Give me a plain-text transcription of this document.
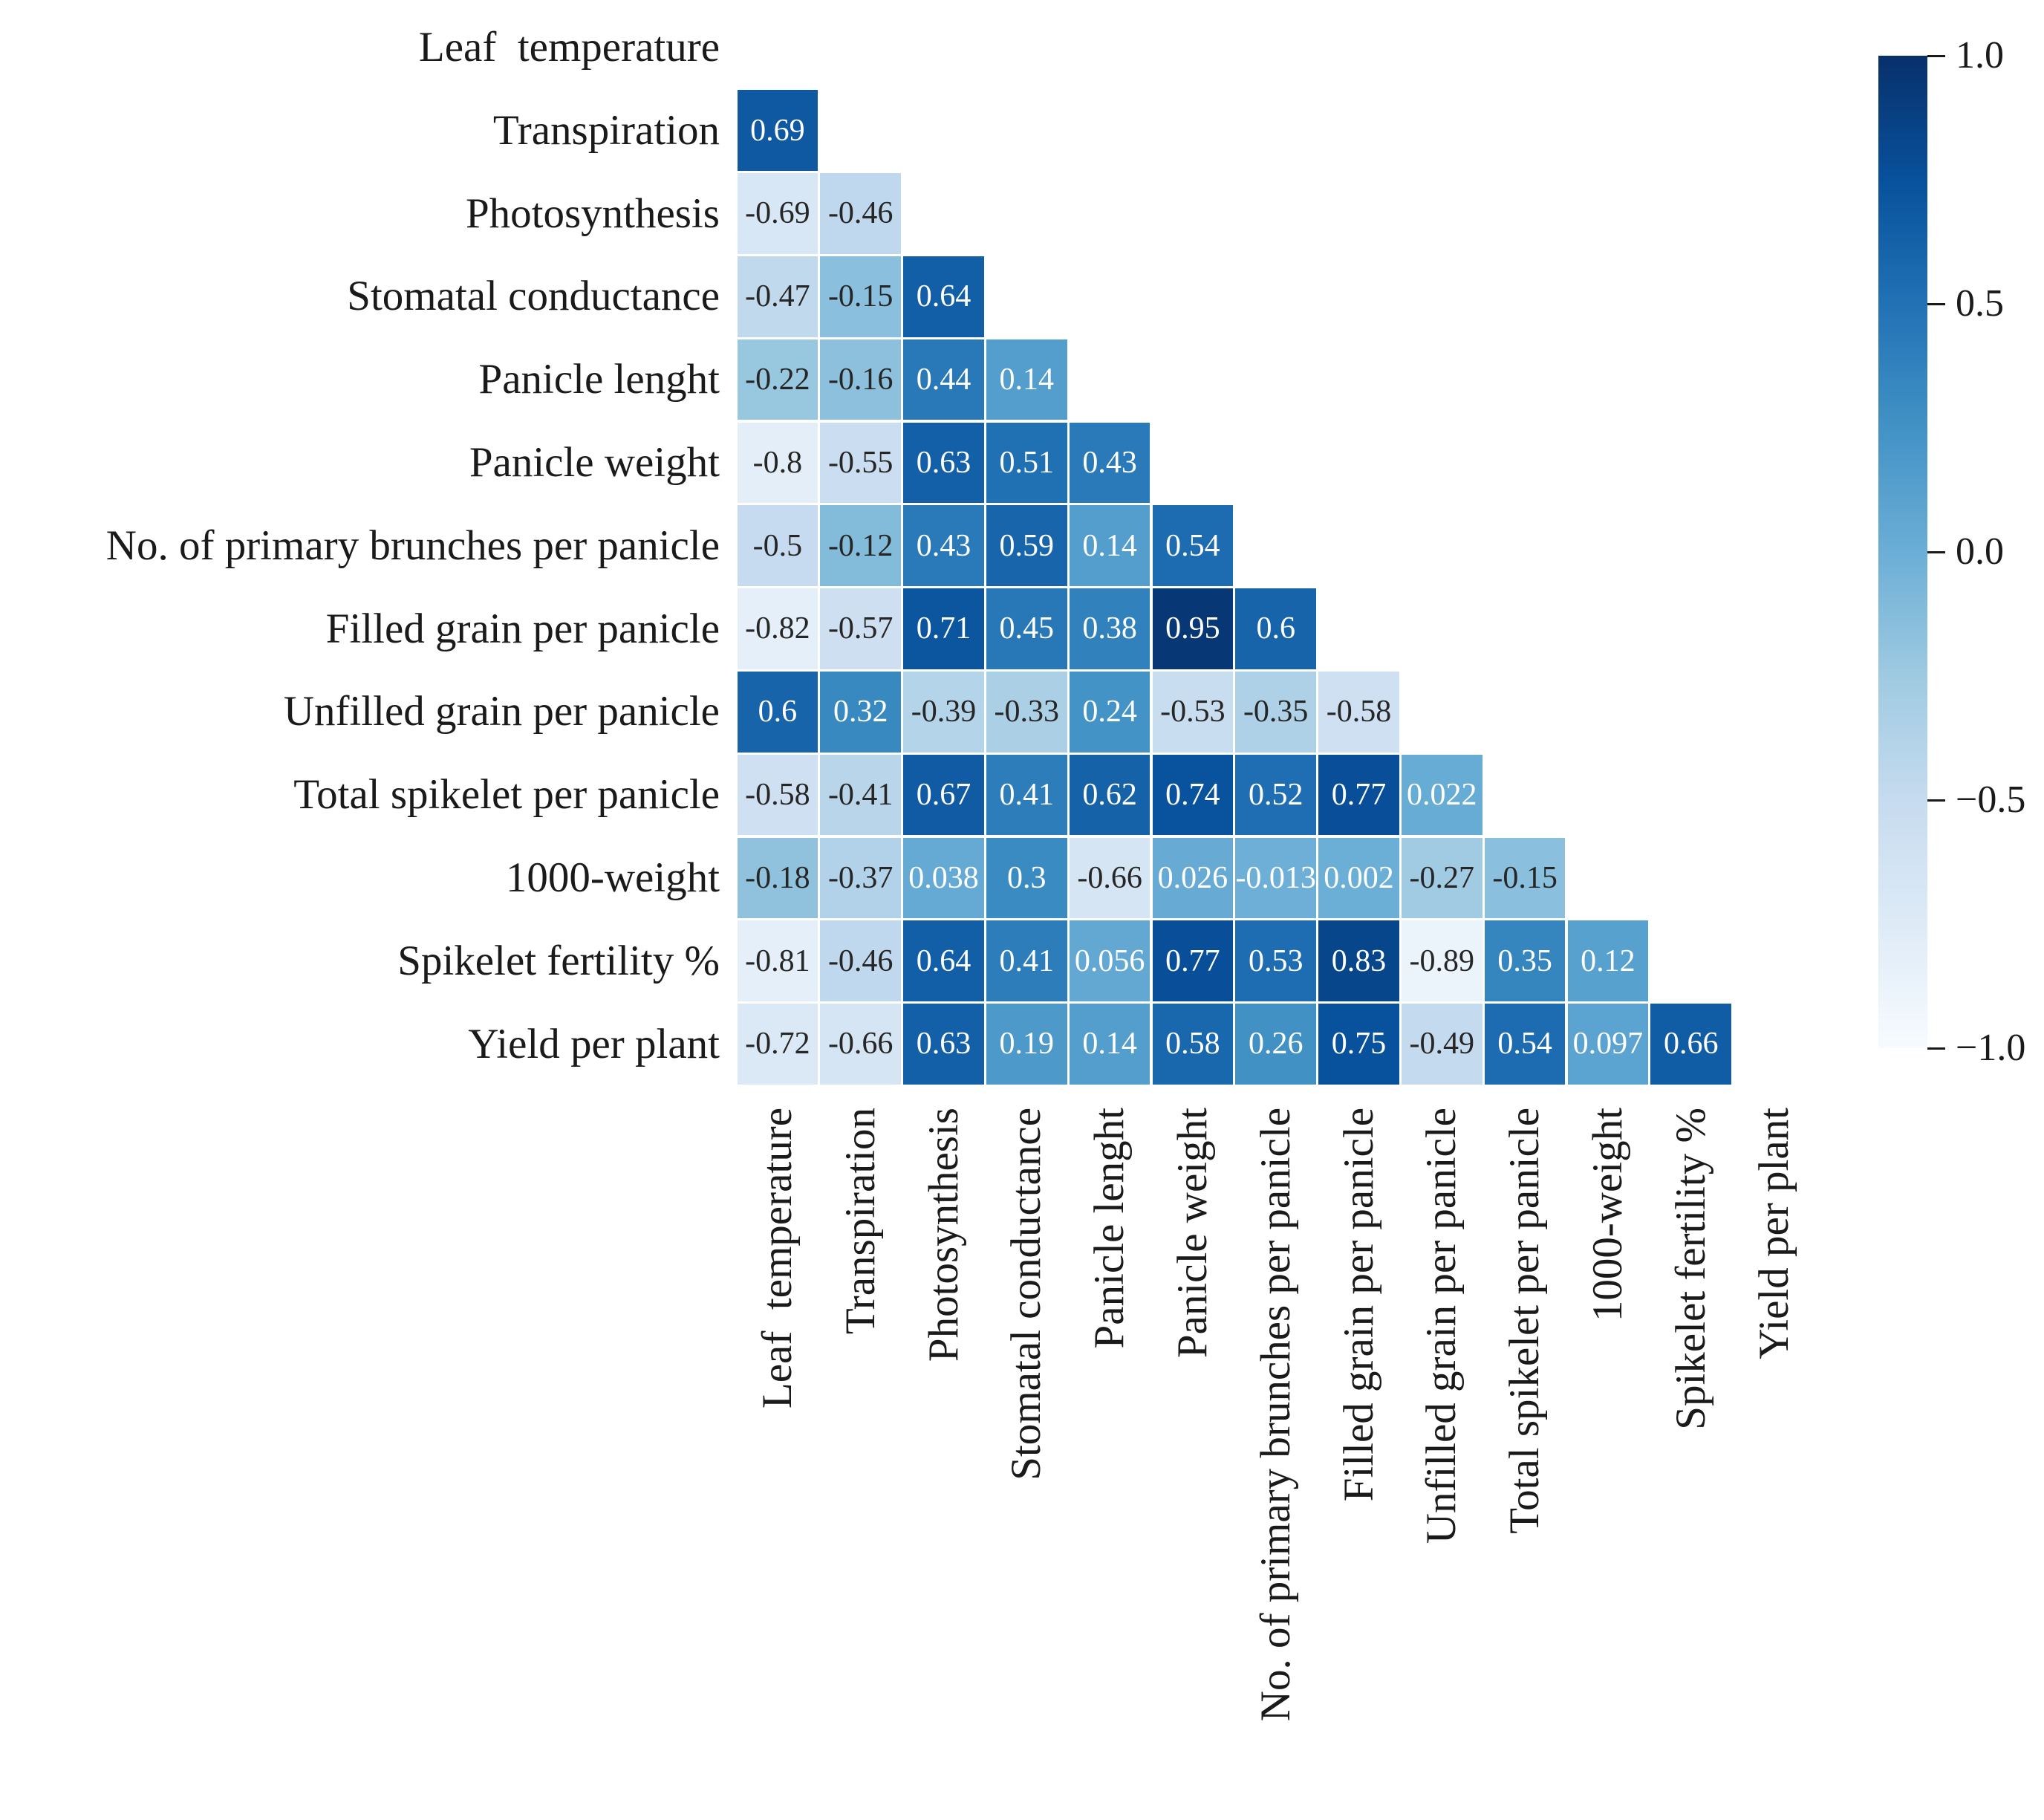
0.69
-0.69 -0.46
-0.47 -0.15 0.64
-0.22 -0.16 0.44 0.14
-0.8 -0.55 0.63 0.51 0.43
-0.5 -0.12 0.43 0.59 0.14 0.54
-0.82 -0.57 0.71 0.45 0.38 0.95	0.6
0.6	0.32 -0.39 -0.33 0.24 -0.53 -0.35 -0.58
-0.58 -0.41 0.67 0.41 0.62 0.74 0.52 0.77 0.022
-0.18 -0.37 0.038 0.3 -0.66 0.026 -0.013 0.002 -0.27 -0.15
-0.81 -0.46 0.64 0.41 0.056 0.77 0.53 0.83 -0.89 0.35 0.12
-0.72 -0.66 0.63 0.19 0.14 0.58 0.26 0.75 -0.49 0.54 0.097 0.66
Leaf  temperature
Transpiration
Photosynthesis
Stomatal conductance
Panicle lenght
Panicle weight
No. of primary brunches per panicle
Filled grain per panicle
Unfilled grain per panicle
Total spikelet per panicle
1000-weight
Spikelet fertility %
Yield per plant
Leaf  temperature Transpiration Photosynthesis Stomatal conductance Panicle lenght Panicle weight No. of primary brunches per panicle Filled grain per panicle Unfilled grain per panicle Total spikelet per panicle 1000-weight Spikelet fertility % Yield per plant
1.0
0.5
0.0
−0.5
−1.0
